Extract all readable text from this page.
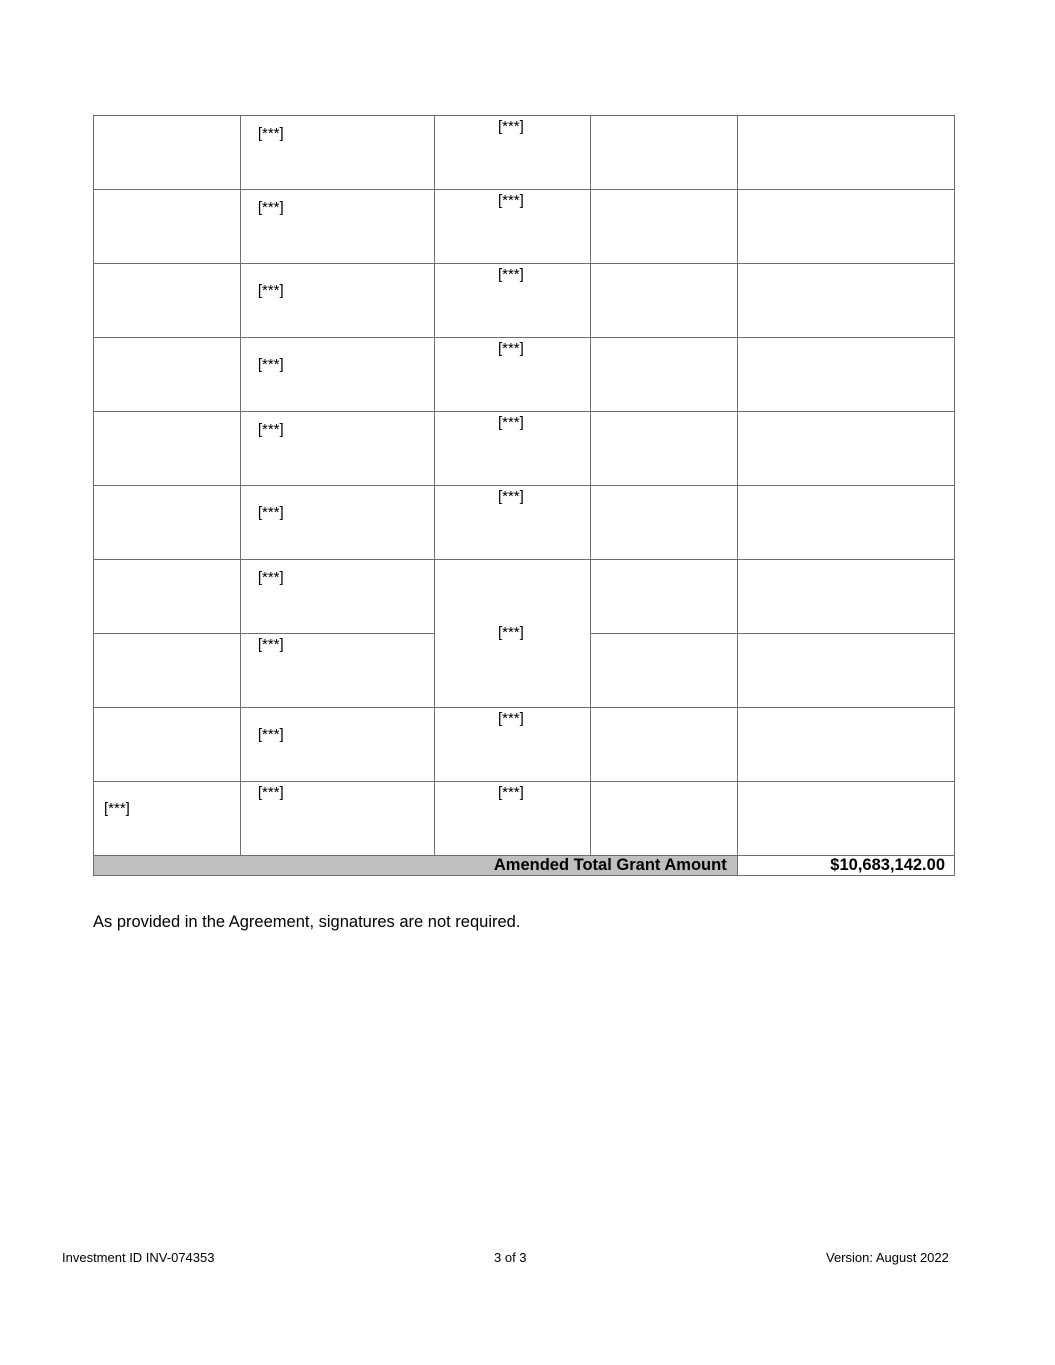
	[***]	[***]		

	[***]	[***]		

	[***]	[***]		

	[***]	[***]		

	[***]	[***]		

	[***]	[***]		

	[***]	[***]		

	[***]			

	[***]	[***]		

[***]	[***]	[***]		

Amended Total Grant Amount				$10,683,142.00
As provided in the Agreement, signatures are not required.
Investment ID INV-074353	3 of 3	Version: August 2022
